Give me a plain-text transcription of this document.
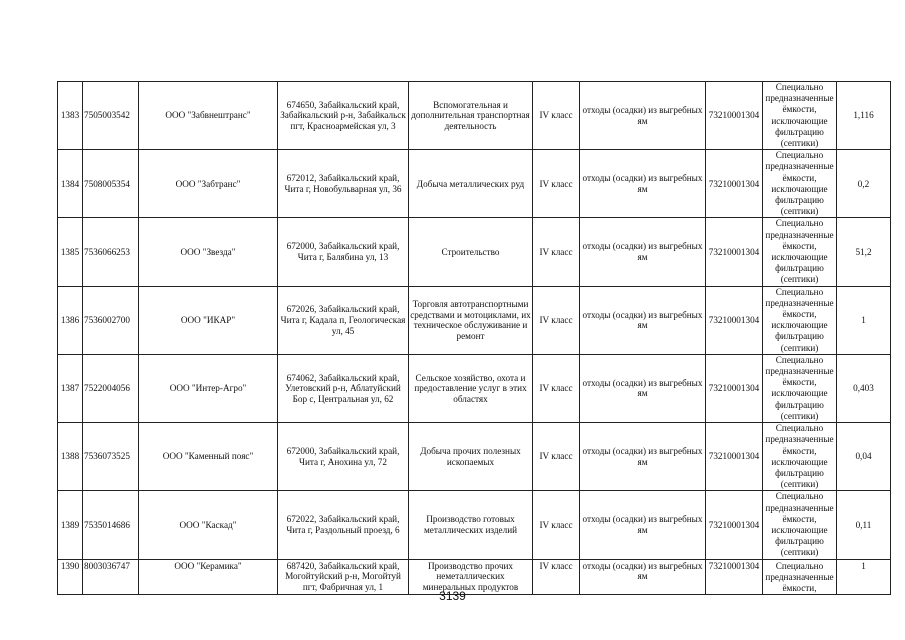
1383	7505003542	ООО "Забвнештранс"	674650, Забайкальский край, Забайкальский р-н, Забайкальск пгт, Красноармейская ул, 3	Вспомогательная и дополнительная транспортная деятельность	IV класс	отходы (осадки) из выгребных ям	73210001304	Специально предназначенные ёмкости, исключающие фильтрацию (септики)	1,116
1384	7508005354	ООО "Забтранс"	672012, Забайкальский край, Чита г, Новобульварная ул, 36	Добыча металлических руд	IV класс	отходы (осадки) из выгребных ям	73210001304	Специально предназначенные ёмкости, исключающие фильтрацию (септики)	0,2
1385	7536066253	ООО "Звезда"	672000, Забайкальский край, Чита г, Балябина ул, 13	Строительство	IV класс	отходы (осадки) из выгребных ям	73210001304	Специально предназначенные ёмкости, исключающие фильтрацию (септики)	51,2
1386	7536002700	ООО "ИКАР"	672026, Забайкальский край, Чита г, Кадала п, Геологическая ул, 45	Торговля автотранспортными средствами и мотоциклами, их техническое обслуживание и ремонт	IV класс	отходы (осадки) из выгребных ям	73210001304	Специально предназначенные ёмкости, исключающие фильтрацию (септики)	1
1387	7522004056	ООО "Интер-Агро"	674062, Забайкальский край, Улетовский р-н, Аблатуйский Бор с, Центральная ул, 62	Сельское хозяйство, охота и предоставление услуг в этих областях	IV класс	отходы (осадки) из выгребных ям	73210001304	Специально предназначенные ёмкости, исключающие фильтрацию (септики)	0,403
1388	7536073525	ООО "Каменный пояс"	672000, Забайкальский край, Чита г, Анохина ул, 72	Добыча прочих полезных ископаемых	IV класс	отходы (осадки) из выгребных ям	73210001304	Специально предназначенные ёмкости, исключающие фильтрацию (септики)	0,04
1389	7535014686	ООО "Каскад"	672022, Забайкальский край, Чита г, Раздольный проезд, 6	Производство готовых металлических изделий	IV класс	отходы (осадки) из выгребных ям	73210001304	Специально предназначенные ёмкости, исключающие фильтрацию (септики)	0,11
1390	8003036747	ООО "Керамика"	687420, Забайкальский край, Могойтуйский р-н, Могойтуй пгт, Фабричная ул, 1	Производство прочих неметаллических минеральных продуктов	IV класс	отходы (осадки) из выгребных ям	73210001304	Специально предназначенные ёмкости,	1
3139
